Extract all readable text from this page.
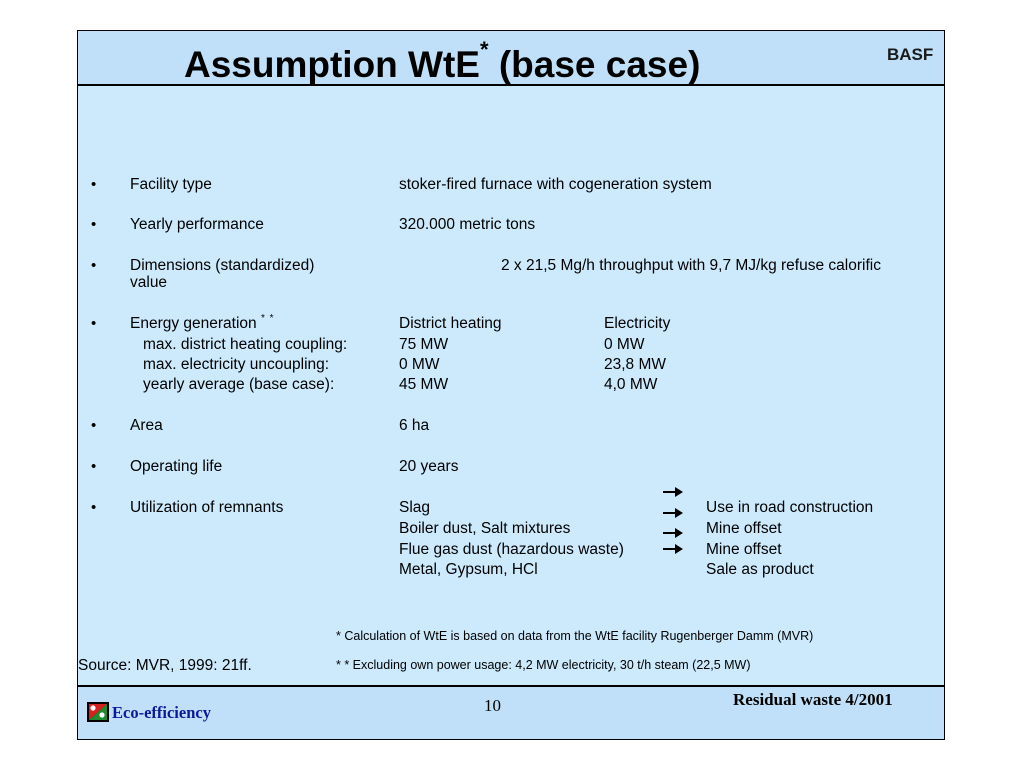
Assumption WtE* (base case)	BASF
• Facility type	stoker-fired furnace with cogeneration system
• Yearly performance	320.000 metric tons
• Dimensions (standardized)	2 x 21,5 Mg/h throughput with 9,7 MJ/kg refuse calorific
value
• Energy generation * *	District heating	Electricity
max. district heating coupling:	75 MW	0 MW
max. electricity uncoupling:	0 MW	23,8 MW
yearly average (base case):	45 MW	4,0 MW
• Area	6 ha
• Operating life	20 years
• Utilization of remnants	Slag	Use in road construction
Boiler dust, Salt mixtures	Mine offset
Flue gas dust (hazardous waste)	Mine offset
Metal, Gypsum, HCl	Sale as product
* Calculation of WtE is based on data from the WtE facility Rugenberger Damm (MVR)
* * Excluding own power usage: 4,2 MW electricity, 30 t/h steam (22,5 MW)
Source: MVR, 1999: 21ff.
Eco-efficiency	10	Residual waste 4/2001
